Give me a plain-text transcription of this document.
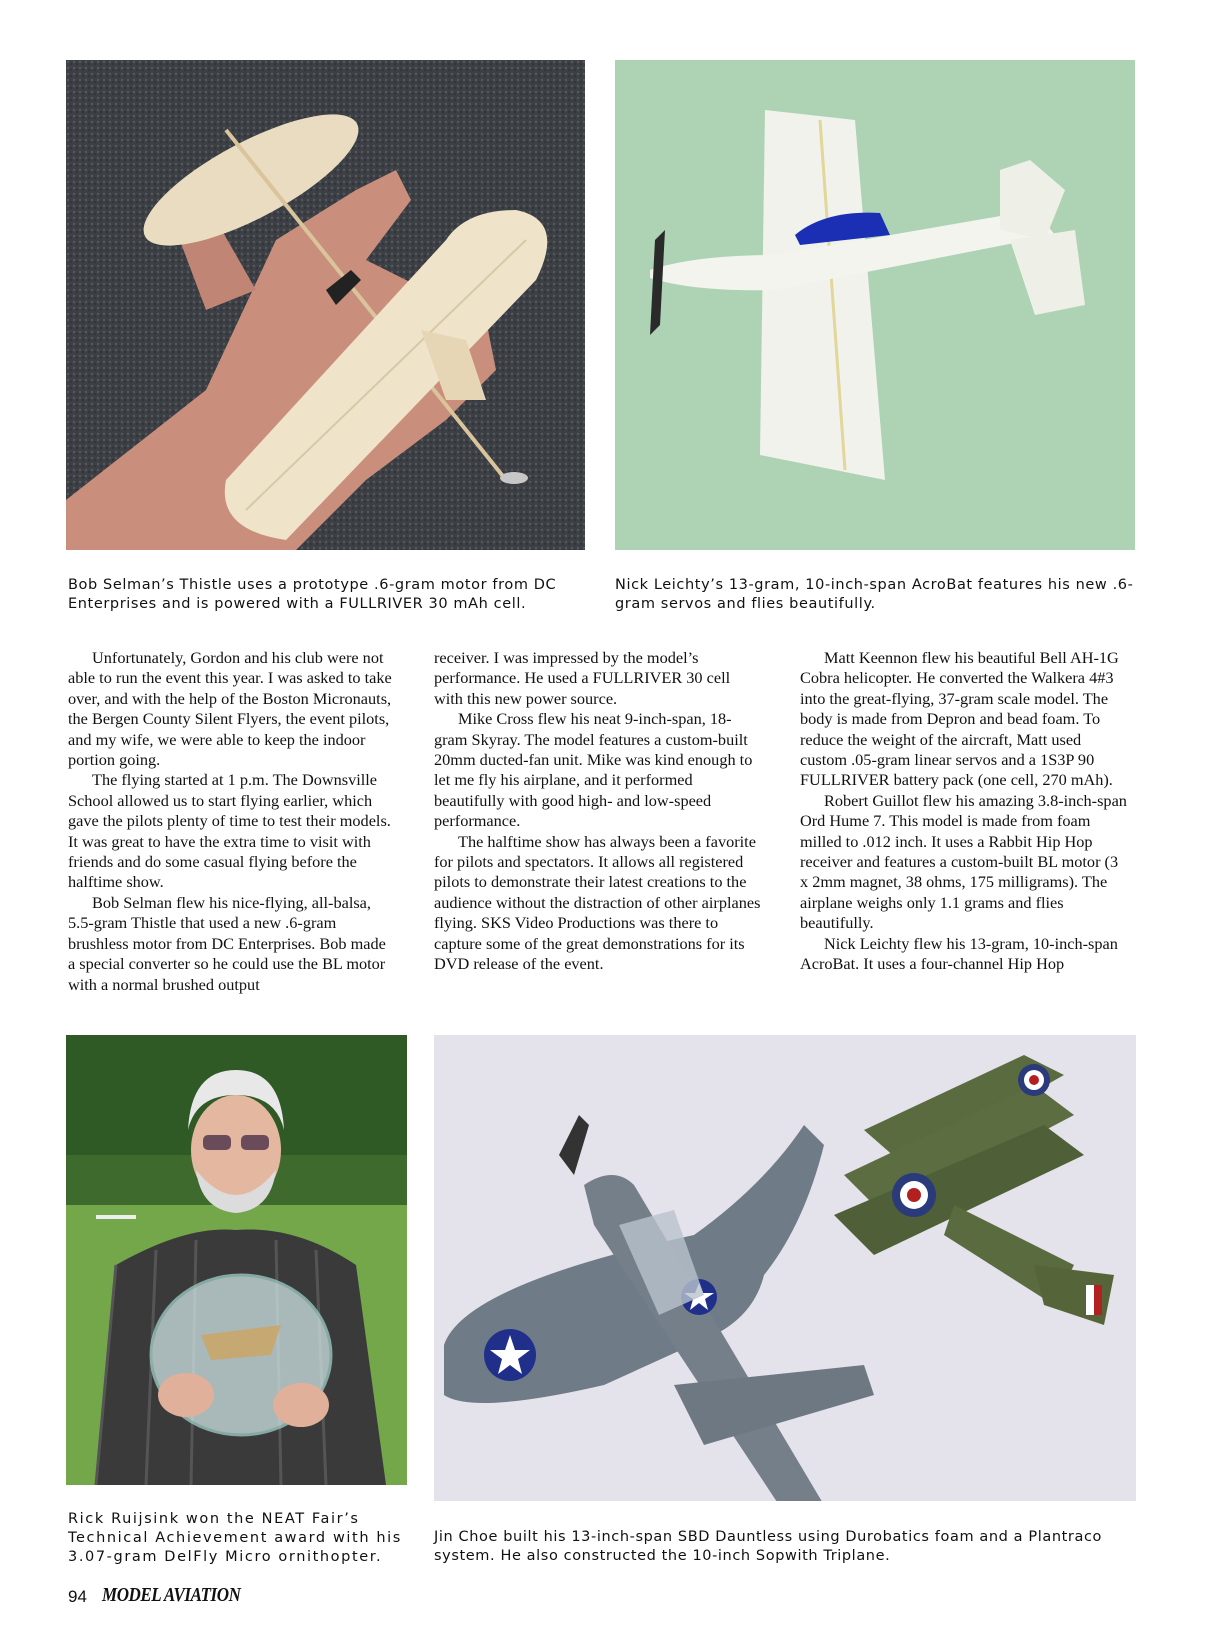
Bob Selman’s Thistle uses a prototype .6-gram motor from DC Enterprises and is powered with a FULLRIVER 30 mAh cell.

Nick Leichty’s 13-gram, 10-inch-span AcroBat features his new .6-gram servos and flies beautifully.

Unfortunately, Gordon and his club were not able to run the event this year. I was asked to take over, and with the help of the Boston Micronauts, the Bergen County Silent Flyers, the event pilots, and my wife, we were able to keep the indoor portion going.

The flying started at 1 p.m. The Downsville School allowed us to start flying earlier, which gave the pilots plenty of time to test their models. It was great to have the extra time to visit with friends and do some casual flying before the halftime show.

Bob Selman flew his nice-flying, all-balsa, 5.5-gram Thistle that used a new .6-gram brushless motor from DC Enterprises. Bob made a special converter so he could use the BL motor with a normal brushed output

receiver. I was impressed by the model’s performance. He used a FULLRIVER 30 cell with this new power source.

Mike Cross flew his neat 9-inch-span, 18-gram Skyray. The model features a custom-built 20mm ducted-fan unit. Mike was kind enough to let me fly his airplane, and it performed beautifully with good high- and low-speed performance.

The halftime show has always been a favorite for pilots and spectators. It allows all registered pilots to demonstrate their latest creations to the audience without the distraction of other airplanes flying. SKS Video Productions was there to capture some of the great demonstrations for its DVD release of the event.

Matt Keennon flew his beautiful Bell AH-1G Cobra helicopter. He converted the Walkera 4#3 into the great-flying, 37-gram scale model. The body is made from Depron and bead foam. To reduce the weight of the aircraft, Matt used custom .05-gram linear servos and a 1S3P 90 FULLRIVER battery pack (one cell, 270 mAh).

Robert Guillot flew his amazing 3.8-inch-span Ord Hume 7. This model is made from foam milled to .012 inch. It uses a Rabbit Hip Hop receiver and features a custom-built BL motor (3 x 2mm magnet, 38 ohms, 175 milligrams). The airplane weighs only 1.1 grams and flies beautifully.

Nick Leichty flew his 13-gram, 10-inch-span AcroBat. It uses a four-channel Hip Hop

Rick Ruijsink won the NEAT Fair’s Technical Achievement award with his 3.07-gram DelFly Micro ornithopter.

Jin Choe built his 13-inch-span SBD Dauntless using Durobatics foam and a Plantraco system. He also constructed the 10-inch Sopwith Triplane.

94 MODEL AVIATION
